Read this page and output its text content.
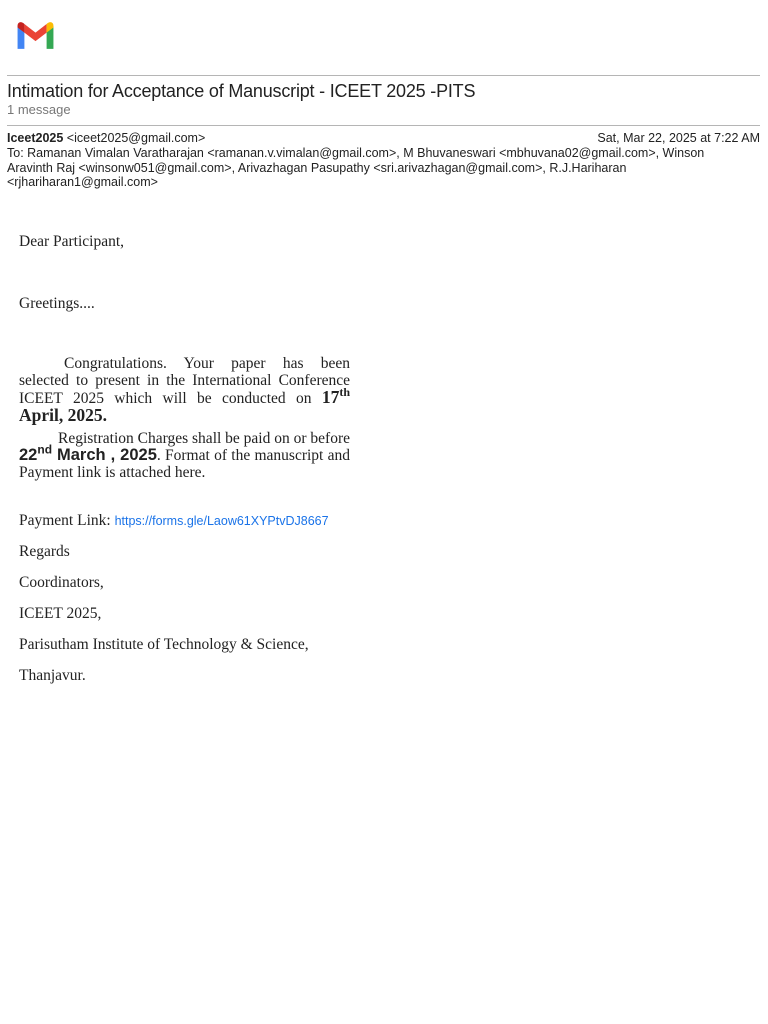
Intimation for Acceptance of Manuscript - ICEET 2025 -PITS
1 message
Iceet2025 <iceet2025@gmail.com>	Sat, Mar 22, 2025 at 7:22 AM
To: Ramanan Vimalan Varatharajan <ramanan.v.vimalan@gmail.com>, M Bhuvaneswari <mbhuvana02@gmail.com>, Winson Aravinth Raj <winsonw051@gmail.com>, Arivazhagan Pasupathy <sri.arivazhagan@gmail.com>, R.J.Hariharan <rjhariharan1@gmail.com>

Dear Participant,

Greetings....

Congratulations. Your paper has been selected to present in the International Conference ICEET 2025 which will be conducted on 17th April, 2025.

Registration Charges shall be paid on or before 22nd March , 2025. Format of the manuscript and Payment link is attached here.

Payment Link: https://forms.gle/Laow61XYPtvDJ8667

Regards

Coordinators,

ICEET 2025,

Parisutham Institute of Technology & Science,

Thanjavur.
